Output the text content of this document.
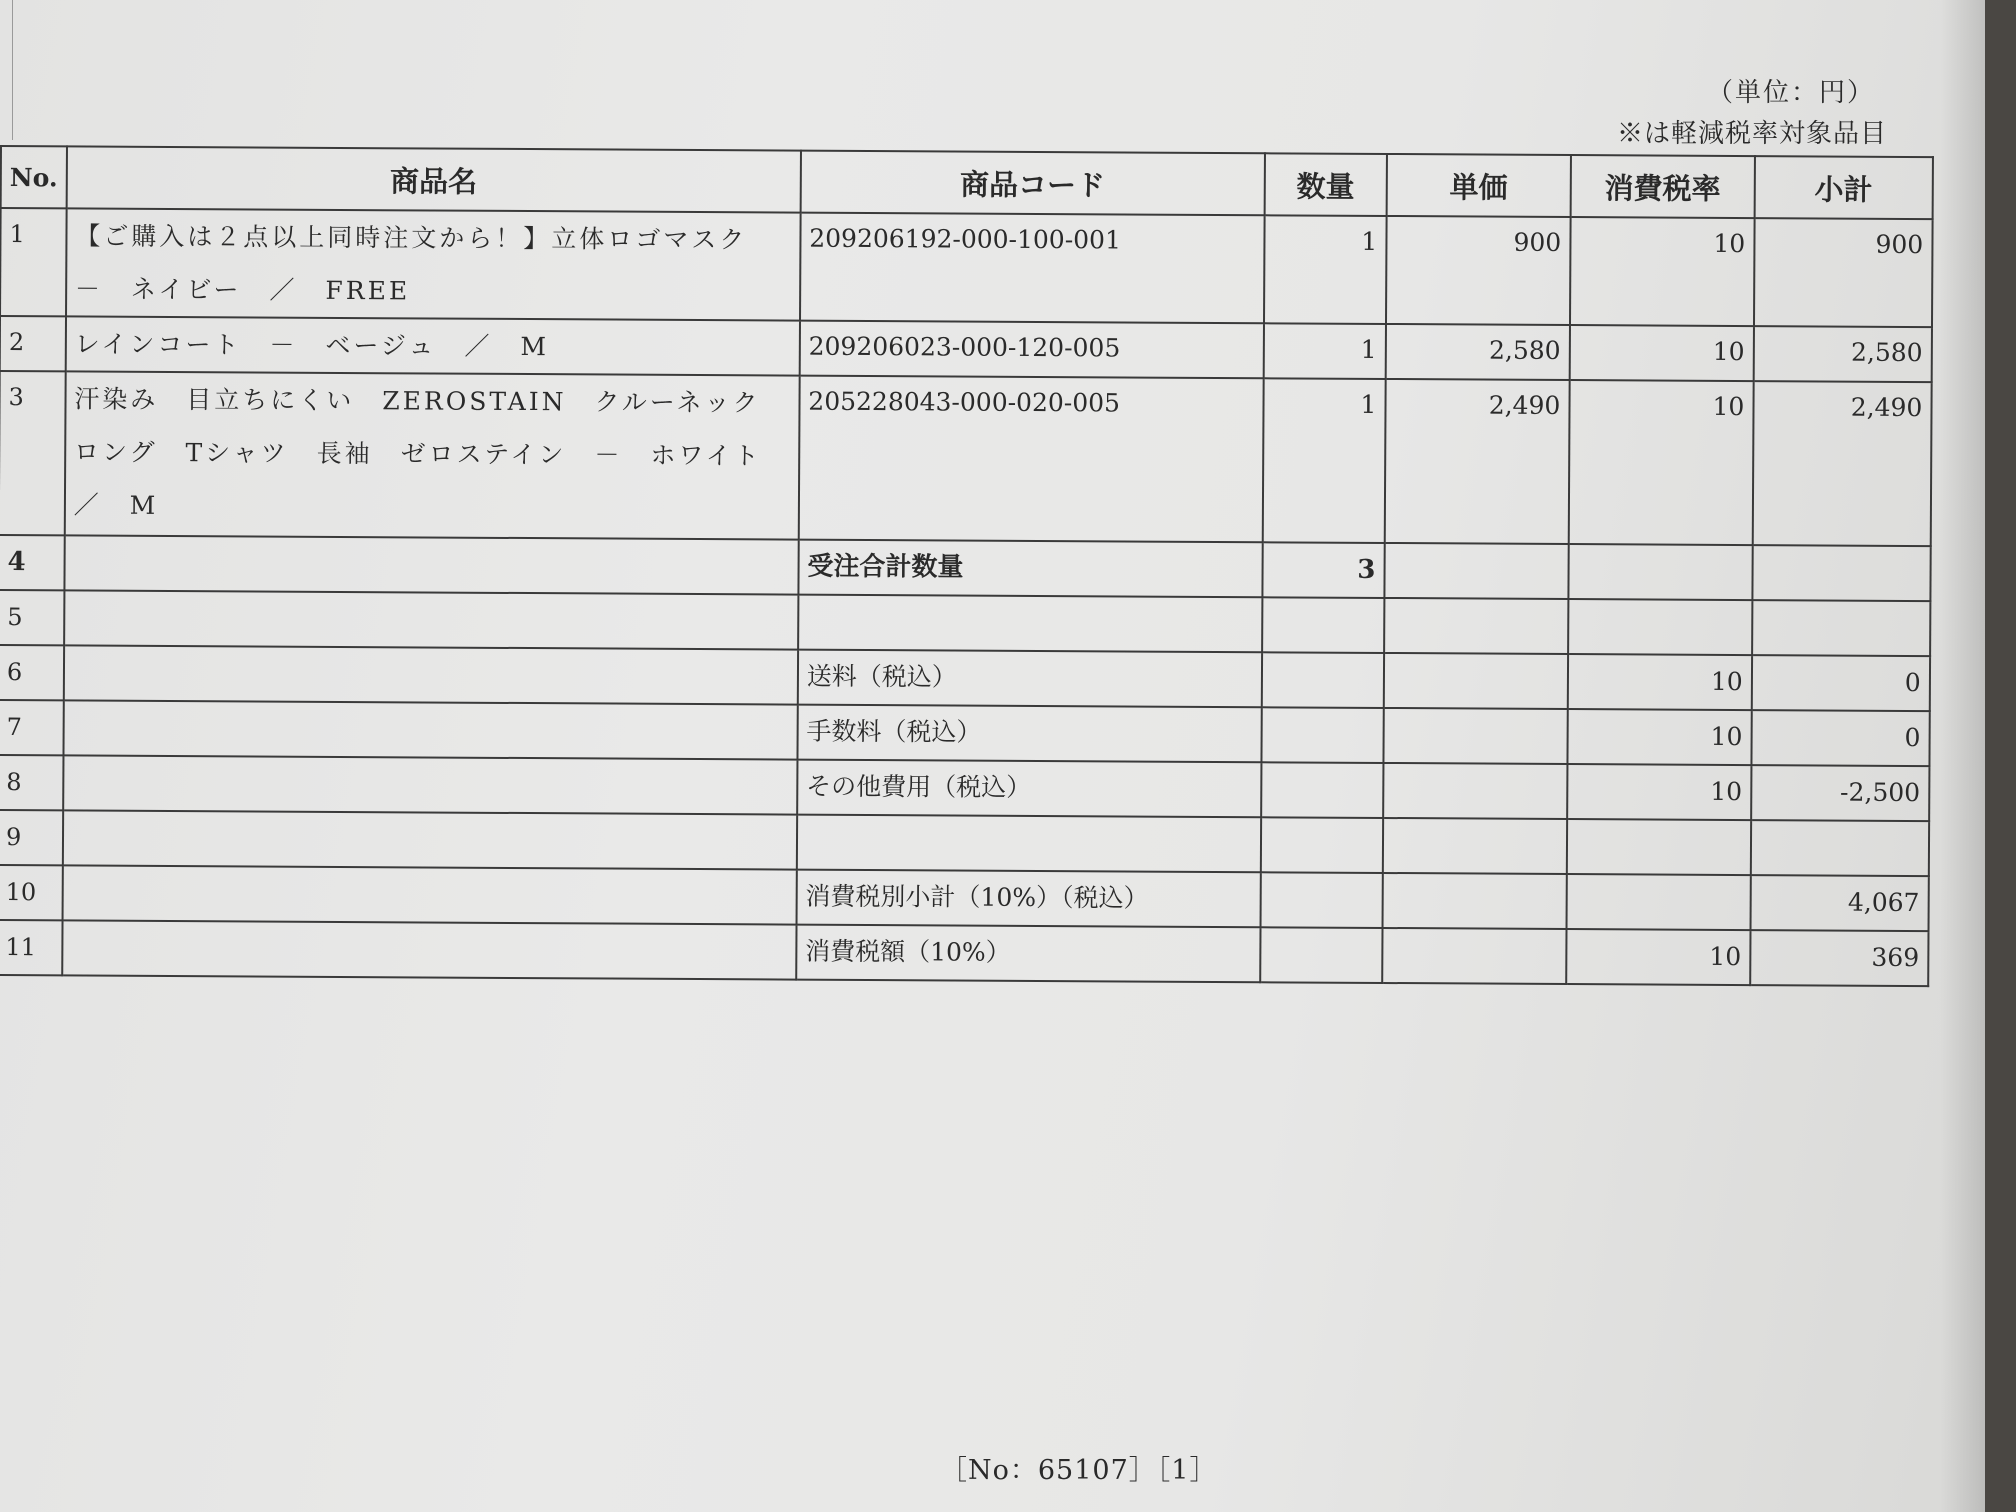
（単位：円）
※は軽減税率対象品目
No.	商品名	商品コード	数量	単価	消費税率	小計
1	【ご購入は２点以上同時注文から！】立体ロゴマスク　－　ネイビー　／　FREE	209206192-000-100-001	1	900	10	900
2	レインコート　－　ベージュ　／　M	209206023-000-120-005	1	2,580	10	2,580
3	汗染み　目立ちにくい　ZEROSTAIN　クルーネック　ロング　Tシャツ　長袖　ゼロステイン　－　ホワイト　／　M	205228043-000-020-005	1	2,490	10	2,490
4		受注合計数量	3			
5						
6		送料（税込）			10	0
7		手数料（税込）			10	0
8		その他費用（税込）			10	-2,500
9						
10		消費税別小計（10%）（税込）				4,067
11		消費税額（10%）			10	369
［No：65107］［1］
